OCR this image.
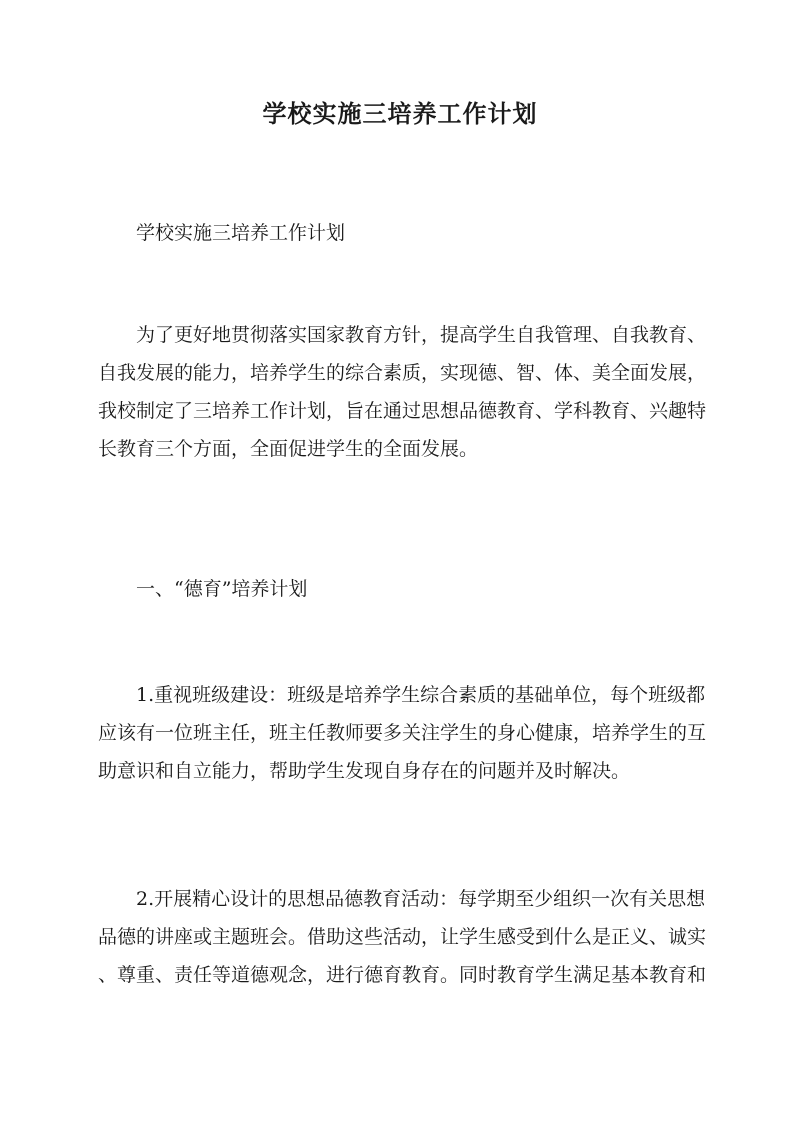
学校实施三培养工作计划

学校实施三培养工作计划

为了更好地贯彻落实国家教育方针，提高学生自我管理、自我教育、
自我发展的能力，培养学生的综合素质，实现德、智、体、美全面发展，
我校制定了三培养工作计划，旨在通过思想品德教育、学科教育、兴趣特
长教育三个方面，全面促进学生的全面发展。

一、“德育”培养计划

1.重视班级建设：班级是培养学生综合素质的基础单位，每个班级都
应该有一位班主任，班主任教师要多关注学生的身心健康，培养学生的互
助意识和自立能力，帮助学生发现自身存在的问题并及时解决。

2.开展精心设计的思想品德教育活动：每学期至少组织一次有关思想
品德的讲座或主题班会。借助这些活动，让学生感受到什么是正义、诚实
、尊重、责任等道德观念，进行德育教育。同时教育学生满足基本教育和
